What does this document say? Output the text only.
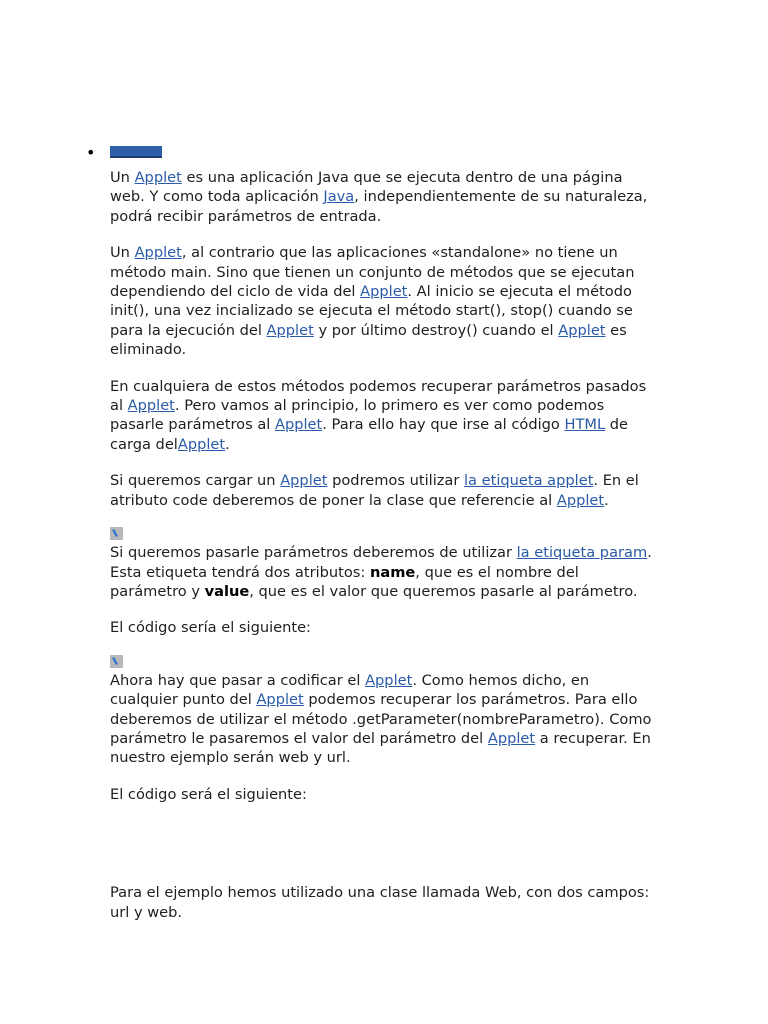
•

Un Applet es una aplicación Java que se ejecuta dentro de una página web. Y como toda aplicación Java, independientemente de su naturaleza, podrá recibir parámetros de entrada.

Un Applet, al contrario que las aplicaciones «standalone» no tiene un método main. Sino que tienen un conjunto de métodos que se ejecutan dependiendo del ciclo de vida del Applet. Al inicio se ejecuta el método init(), una vez incializado se ejecuta el método start(), stop() cuando se para la ejecución del Applet y por último destroy() cuando el Applet es eliminado.

En cualquiera de estos métodos podemos recuperar parámetros pasados al Applet. Pero vamos al principio, lo primero es ver como podemos pasarle parámetros al Applet. Para ello hay que irse al código HTML de carga delApplet.

Si queremos cargar un Applet podremos utilizar la etiqueta applet. En el atributo code deberemos de poner la clase que referencie al Applet.

Si queremos pasarle parámetros deberemos de utilizar la etiqueta param. Esta etiqueta tendrá dos atributos: name, que es el nombre del parámetro y value, que es el valor que queremos pasarle al parámetro.

El código sería el siguiente:

Ahora hay que pasar a codificar el Applet. Como hemos dicho, en cualquier punto del Applet podemos recuperar los parámetros. Para ello deberemos de utilizar el método .getParameter(nombreParametro). Como parámetro le pasaremos el valor del parámetro del Applet a recuperar. En nuestro ejemplo serán web y url.

El código será el siguiente:

Para el ejemplo hemos utilizado una clase llamada Web, con dos campos: url y web.
